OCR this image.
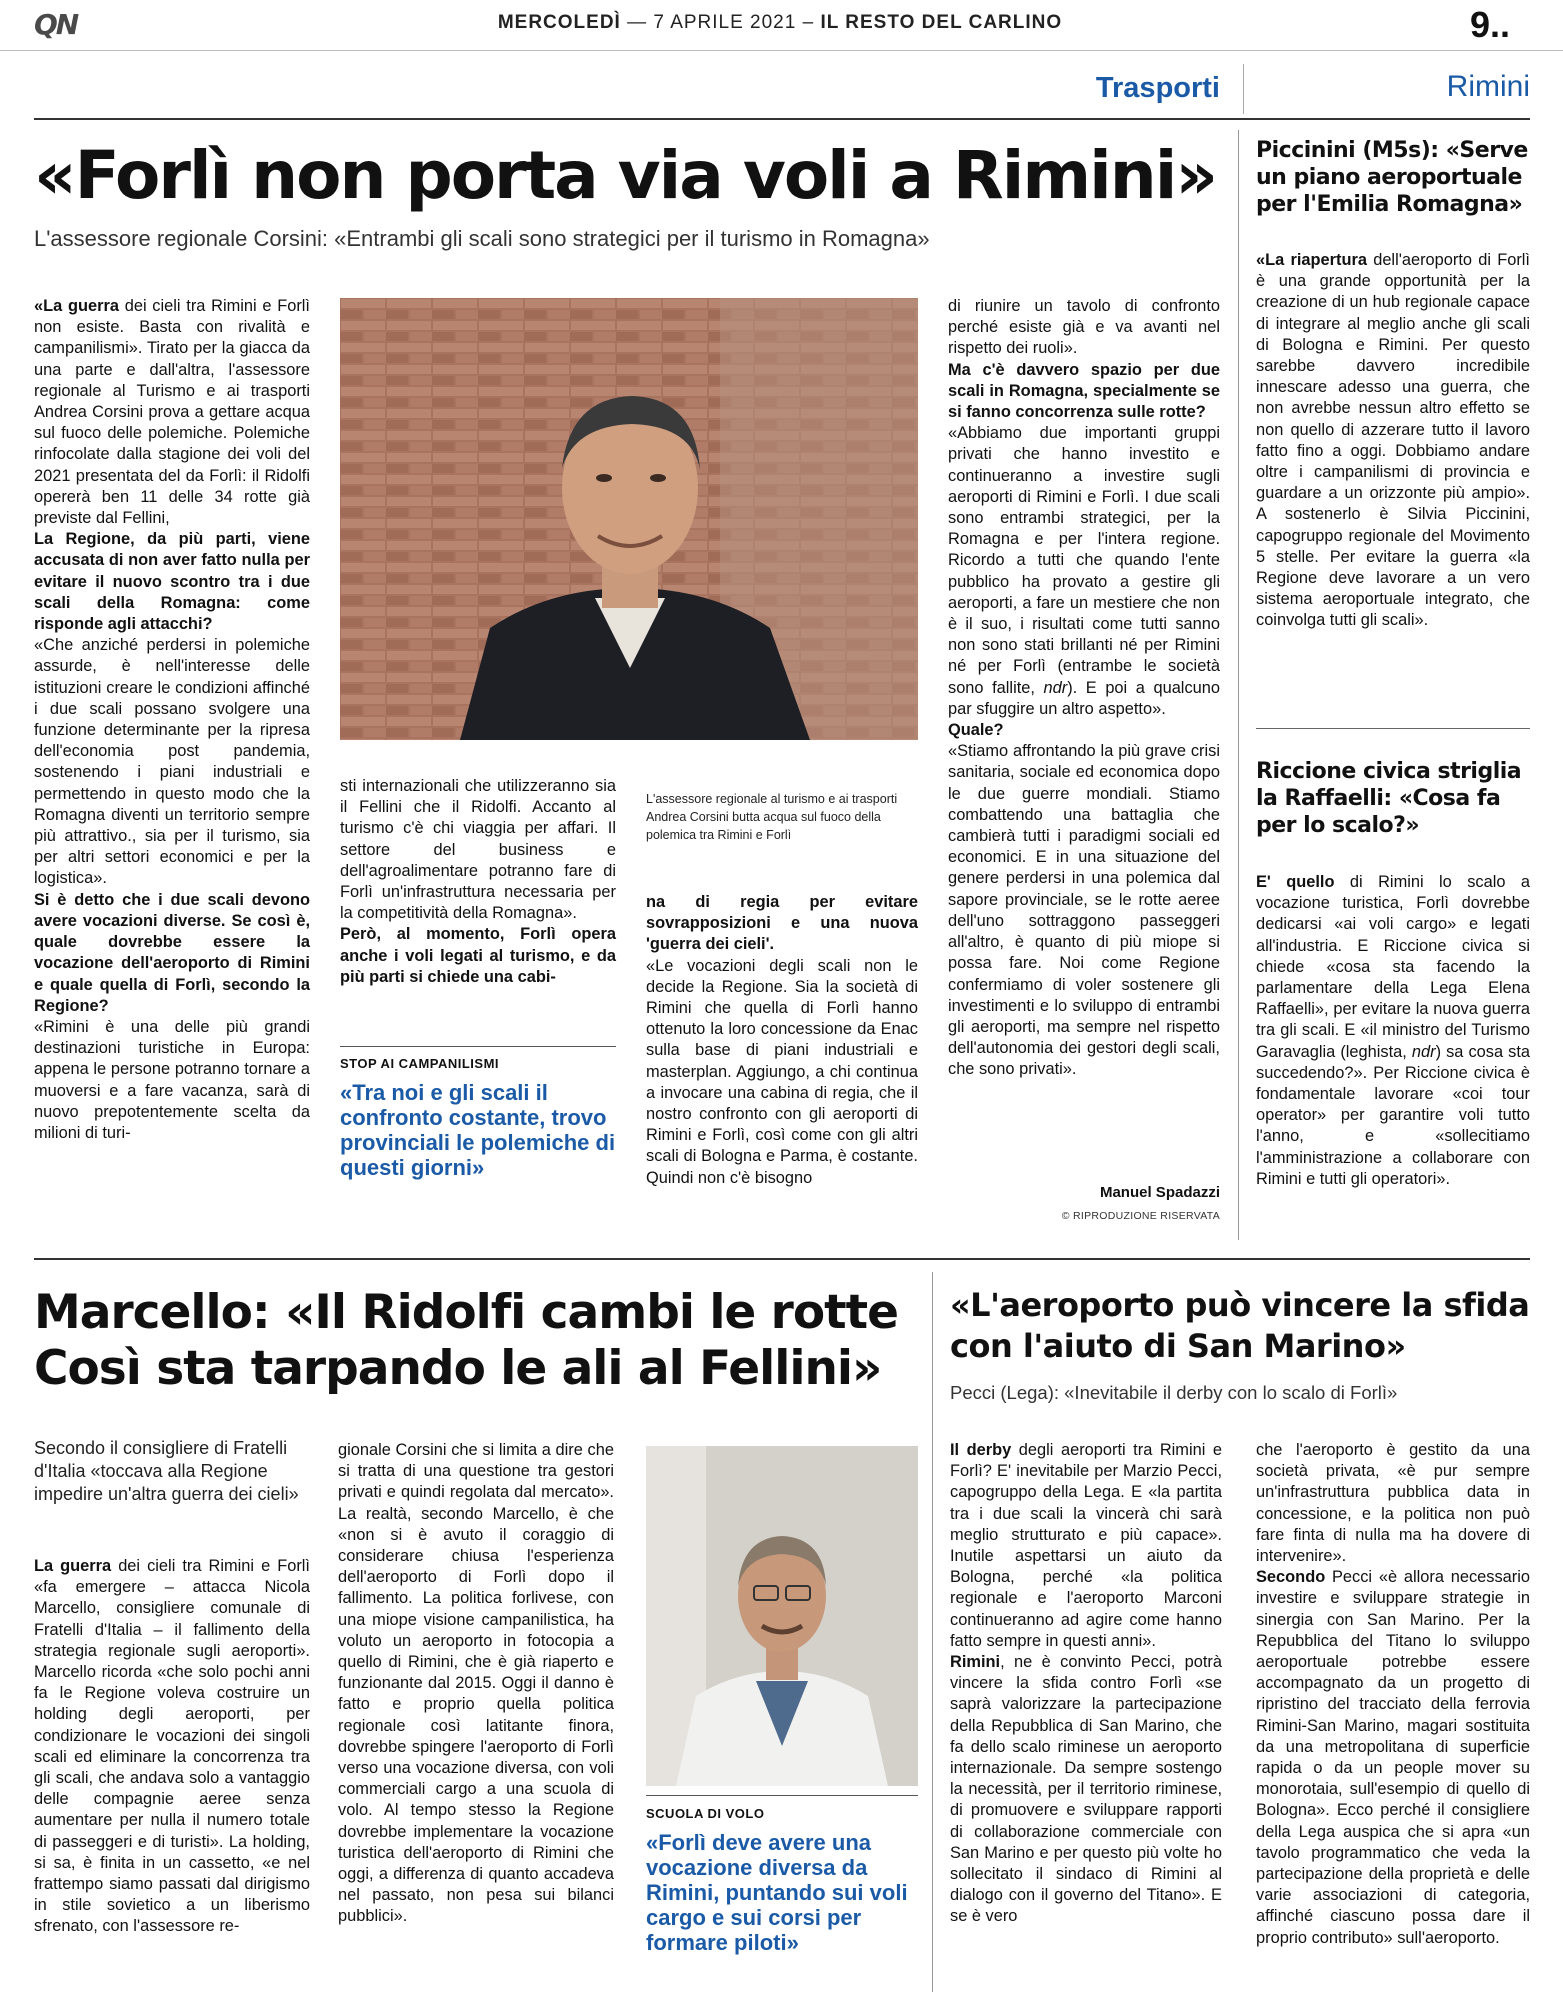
QN	MERCOLEDÌ — 7 APRILE 2021 – IL RESTO DEL CARLINO	9..
Trasporti	Rimini
«Forlì non porta via voli a Rimini»
L'assessore regionale Corsini: «Entrambi gli scali sono strategici per il turismo in Romagna»

«La guerra dei cieli tra Rimini e Forlì non esiste. Basta con rivalità e campanilismi». Tirato per la giacca da una parte e dall'altra, l'assessore regionale al Turismo e ai trasporti Andrea Corsini prova a gettare acqua sul fuoco delle polemiche. Polemiche rinfocolate dalla stagione dei voli del 2021 presentata del da Forlì: il Ridolfi opererà ben 11 delle 34 rotte già previste dal Fellini,
La Regione, da più parti, viene accusata di non aver fatto nulla per evitare il nuovo scontro tra i due scali della Romagna: come risponde agli attacchi?
«Che anziché perdersi in polemiche assurde, è nell'interesse delle istituzioni creare le condizioni affinché i due scali possano svolgere una funzione determinante per la ripresa dell'economia post pandemia, sostenendo i piani industriali e permettendo in questo modo che la Romagna diventi un territorio sempre più attrattivo., sia per il turismo, sia per altri settori economici e per la logistica».
Si è detto che i due scali devono avere vocazioni diverse. Se così è, quale dovrebbe essere la vocazione dell'aeroporto di Rimini e quale quella di Forlì, secondo la Regione?
«Rimini è una delle più grandi destinazioni turistiche in Europa: appena le persone potranno tornare a muoversi e a fare vacanza, sarà di nuovo prepotentemente scelta da milioni di turi-

sti internazionali che utilizzeranno sia il Fellini che il Ridolfi. Accanto al turismo c'è chi viaggia per affari. Il settore del business e dell'agroalimentare potranno fare di Forlì un'infrastruttura necessaria per la competitività della Romagna».
Però, al momento, Forlì opera anche i voli legati al turismo, e da più parti si chiede una cabi-

STOP AI CAMPANILISMI
«Tra noi e gli scali il confronto costante, trovo provinciali le polemiche di questi giorni»
L'assessore regionale al turismo e ai trasporti Andrea Corsini butta acqua sul fuoco della polemica tra Rimini e Forlì

na di regia per evitare sovrapposizioni e una nuova 'guerra dei cieli'.
«Le vocazioni degli scali non le decide la Regione. Sia la società di Rimini che quella di Forlì hanno ottenuto la loro concessione da Enac sulla base di piani industriali e masterplan. Aggiungo, a chi continua a invocare una cabina di regia, che il nostro confronto con gli aeroporti di Rimini e Forlì, così come con gli altri scali di Bologna e Parma, è costante. Quindi non c'è bisogno

di riunire un tavolo di confronto perché esiste già e va avanti nel rispetto dei ruoli».
Ma c'è davvero spazio per due scali in Romagna, specialmente se si fanno concorrenza sulle rotte?
«Abbiamo due importanti gruppi privati che hanno investito e continueranno a investire sugli aeroporti di Rimini e Forlì. I due scali sono entrambi strategici, per la Romagna e per l'intera regione. Ricordo a tutti che quando l'ente pubblico ha provato a gestire gli aeroporti, a fare un mestiere che non è il suo, i risultati come tutti sanno non sono stati brillanti né per Rimini né per Forlì (entrambe le società sono fallite, ndr). E poi a qualcuno par sfuggire un altro aspetto».
Quale?
«Stiamo affrontando la più grave crisi sanitaria, sociale ed economica dopo le due guerre mondiali. Stiamo combattendo una battaglia che cambierà tutti i paradigmi sociali ed economici. E in una situazione del genere perdersi in una polemica dal sapore provinciale, se le rotte aeree dell'uno sottraggono passeggeri all'altro, è quanto di più miope si possa fare. Noi come Regione confermiamo di voler sostenere gli investimenti e lo sviluppo di entrambi gli aeroporti, ma sempre nel rispetto dell'autonomia dei gestori degli scali, che sono privati».

Manuel Spadazzi
© RIPRODUZIONE RISERVATA
Piccinini (M5s): «Serve un piano aeroportuale per l'Emilia Romagna»

«La riapertura dell'aeroporto di Forlì è una grande opportunità per la creazione di un hub regionale capace di integrare al meglio anche gli scali di Bologna e Rimini. Per questo sarebbe davvero incredibile innescare adesso una guerra, che non avrebbe nessun altro effetto se non quello di azzerare tutto il lavoro fatto fino a oggi. Dobbiamo andare oltre i campanilismi di provincia e guardare a un orizzonte più ampio». A sostenerlo è Silvia Piccinini, capogruppo regionale del Movimento 5 stelle. Per evitare la guerra «la Regione deve lavorare a un vero sistema aeroportuale integrato, che coinvolga tutti gli scali».

Riccione civica striglia la Raffaelli: «Cosa fa per lo scalo?»

E' quello di Rimini lo scalo a vocazione turistica, Forlì dovrebbe dedicarsi «ai voli cargo» e legati all'industria. E Riccione civica si chiede «cosa sta facendo la parlamentare della Lega Elena Raffaelli», per evitare la nuova guerra tra gli scali. E «il ministro del Turismo Garavaglia (leghista, ndr) sa cosa sta succedendo?». Per Riccione civica è fondamentale lavorare «coi tour operator» per garantire voli tutto l'anno, e «sollecitiamo l'amministrazione a collaborare con Rimini e tutti gli operatori».

Marcello: «Il Ridolfi cambi le rotte
Così sta tarpando le ali al Fellini»
Secondo il consigliere di Fratelli d'Italia «toccava alla Regione impedire un'altra guerra dei cieli»

La guerra dei cieli tra Rimini e Forlì «fa emergere – attacca Nicola Marcello, consigliere comunale di Fratelli d'Italia – il fallimento della strategia regionale sugli aeroporti». Marcello ricorda «che solo pochi anni fa le Regione voleva costruire un holding degli aeroporti, per condizionare le vocazioni dei singoli scali ed eliminare la concorrenza tra gli scali, che andava solo a vantaggio delle compagnie aeree senza aumentare per nulla il numero totale di passeggeri e di turisti». La holding, si sa, è finita in un cassetto, «e nel frattempo siamo passati dal dirigismo in stile sovietico a un liberismo sfrenato, con l'assessore re-

gionale Corsini che si limita a dire che si tratta di una questione tra gestori privati e quindi regolata dal mercato». La realtà, secondo Marcello, è che «non si è avuto il coraggio di considerare chiusa l'esperienza dell'aeroporto di Forlì dopo il fallimento. La politica forlivese, con una miope visione campanilistica, ha voluto un aeroporto in fotocopia a quello di Rimini, che è già riaperto e funzionante dal 2015. Oggi il danno è fatto e proprio quella politica regionale così latitante finora, dovrebbe spingere l'aeroporto di Forlì verso una vocazione diversa, con voli commerciali cargo a una scuola di volo. Al tempo stesso la Regione dovrebbe implementare la vocazione turistica dell'aeroporto di Rimini che oggi, a differenza di quanto accadeva nel passato, non pesa sui bilanci pubblici».

SCUOLA DI VOLO
«Forlì deve avere una vocazione diversa da Rimini, puntando sui voli cargo e sui corsi per formare piloti»
«L'aeroporto può vincere la sfida con l'aiuto di San Marino»
Pecci (Lega): «Inevitabile il derby con lo scalo di Forlì»

Il derby degli aeroporti tra Rimini e Forlì? E' inevitabile per Marzio Pecci, capogruppo della Lega. E «la partita tra i due scali la vincerà chi sarà meglio strutturato e più capace». Inutile aspettarsi un aiuto da Bologna, perché «la politica regionale e l'aeroporto Marconi continueranno ad agire come hanno fatto sempre in questi anni».
Rimini, ne è convinto Pecci, potrà vincere la sfida contro Forlì «se saprà valorizzare la partecipazione della Repubblica di San Marino, che fa dello scalo riminese un aeroporto internazionale. Da sempre sostengo la necessità, per il territorio riminese, di promuovere e sviluppare rapporti di collaborazione commerciale con San Marino e per questo più volte ho sollecitato il sindaco di Rimini al dialogo con il governo del Titano». E se è vero

che l'aeroporto è gestito da una società privata, «è pur sempre un'infrastruttura pubblica data in concessione, e la politica non può fare finta di nulla ma ha dovere di intervenire».
Secondo Pecci «è allora necessario investire e sviluppare strategie in sinergia con San Marino. Per la Repubblica del Titano lo sviluppo aeroportuale potrebbe essere accompagnato da un progetto di ripristino del tracciato della ferrovia Rimini-San Marino, magari sostituita da una metropolitana di superficie rapida o da un people mover su monorotaia, sull'esempio di quello di Bologna». Ecco perché il consigliere della Lega auspica che si apra «un tavolo programmatico che veda la partecipazione della proprietà e delle varie associazioni di categoria, affinché ciascuno possa dare il proprio contributo» sull'aeroporto.
